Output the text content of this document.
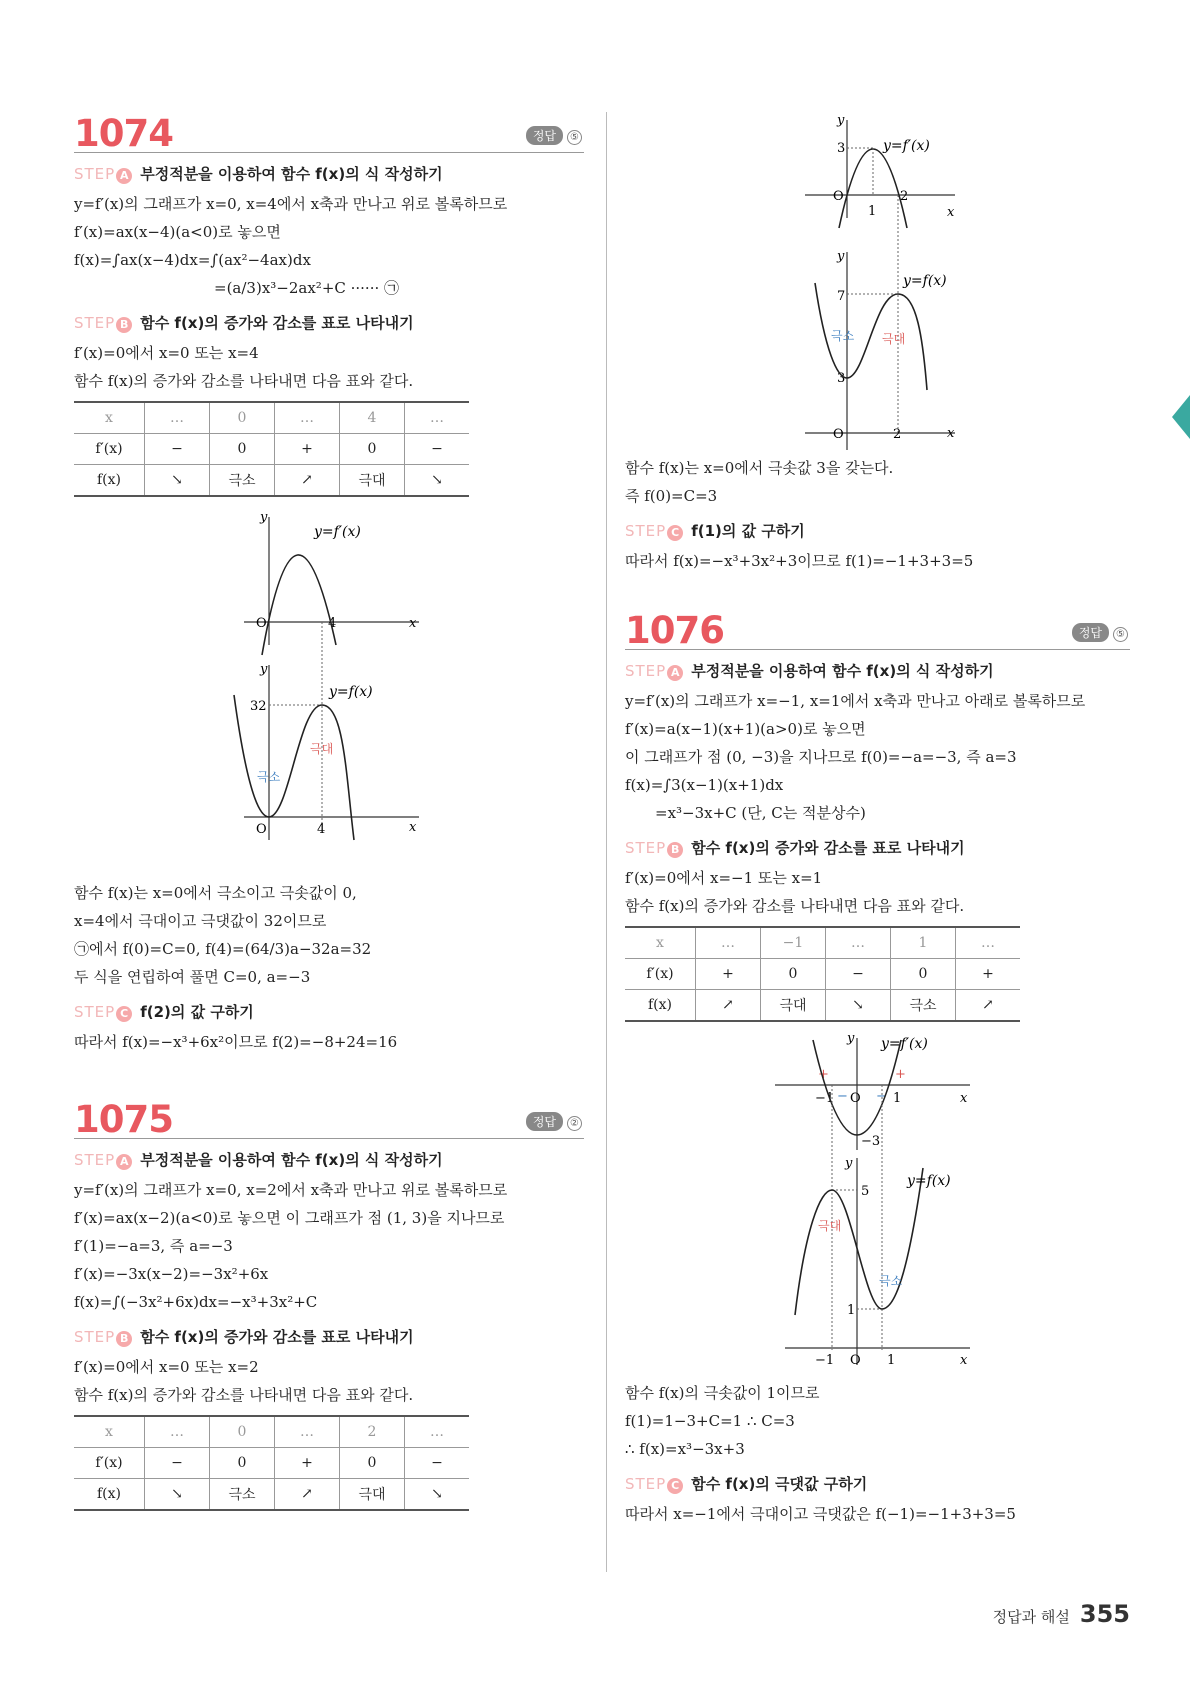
1074	정답 ⑤
STEP A 부정적분을 이용하여 함수 f(x)의 식 작성하기
y=f′(x)의 그래프가 x=0, x=4에서 x축과 만나고 위로 볼록하므로
f′(x)=ax(x−4)(a<0)로 놓으면
f(x)=∫ax(x−4)dx=∫(ax²−4ax)dx
=(a/3)x³−2ax²+C ······ ㉠
STEP B 함수 f(x)의 증가와 감소를 표로 나타내기
f′(x)=0에서 x=0 또는 x=4
함수 f(x)의 증가와 감소를 나타내면 다음 표와 같다.
x	…	0	…	4	…
f′(x)	−	0	+	0	−
f(x)	↘	극소	↗	극대	↘
y
x
O	4
y=f′(x)
y
x
O	4
32
y=f(x)
극대
극소
함수 f(x)는 x=0에서 극소이고 극솟값이 0,
x=4에서 극대이고 극댓값이 32이므로
㉠에서 f(0)=C=0, f(4)=(64/3)a−32a=32
두 식을 연립하여 풀면 C=0, a=−3
STEP C f(2)의 값 구하기
따라서 f(x)=−x³+6x²이므로 f(2)=−8+24=16
1075	정답 ②
STEP A 부정적분을 이용하여 함수 f(x)의 식 작성하기
y=f′(x)의 그래프가 x=0, x=2에서 x축과 만나고 위로 볼록하므로
f′(x)=ax(x−2)(a<0)로 놓으면 이 그래프가 점 (1, 3)을 지나므로
f′(1)=−a=3, 즉 a=−3
f′(x)=−3x(x−2)=−3x²+6x
f(x)=∫(−3x²+6x)dx=−x³+3x²+C
STEP B 함수 f(x)의 증가와 감소를 표로 나타내기
f′(x)=0에서 x=0 또는 x=2
함수 f(x)의 증가와 감소를 나타내면 다음 표와 같다.
x	…	0	…	2	…
f′(x)	−	0	+	0	−
f(x)	↘	극소	↗	극대	↘
y
x
O
3
1
2
y=f′(x)
y
x
O	2
7
3
y=f(x)
극소 극대
함수 f(x)는 x=0에서 극솟값 3을 갖는다.
즉 f(0)=C=3
STEP C f(1)의 값 구하기
따라서 f(x)=−x³+3x²+3이므로 f(1)=−1+3+3=5
1076	정답 ⑤
STEP A 부정적분을 이용하여 함수 f(x)의 식 작성하기
y=f′(x)의 그래프가 x=−1, x=1에서 x축과 만나고 아래로 볼록하므로
f′(x)=a(x−1)(x+1)(a>0)로 놓으면
이 그래프가 점 (0, −3)을 지나므로 f(0)=−a=−3, 즉 a=3
f(x)=∫3(x−1)(x+1)dx
=x³−3x+C (단, C는 적분상수)
STEP B 함수 f(x)의 증가와 감소를 표로 나타내기
f′(x)=0에서 x=−1 또는 x=1
함수 f(x)의 증가와 감소를 나타내면 다음 표와 같다.
x	…	−1	…	1	…
f′(x)	+	0	−	0	+
f(x)	↗	극대	↘	극소	↗
y
x
O
−1	1
−3
+	+
− −
y=f′(x)
y
x
O
−1	1
5
1
y=f(x)
극대
극소
함수 f(x)의 극솟값이 1이므로
f(1)=1−3+C=1 ∴ C=3
∴ f(x)=x³−3x+3
STEP C 함수 f(x)의 극댓값 구하기
따라서 x=−1에서 극대이고 극댓값은 f(−1)=−1+3+3=5
정답과 해설 355
